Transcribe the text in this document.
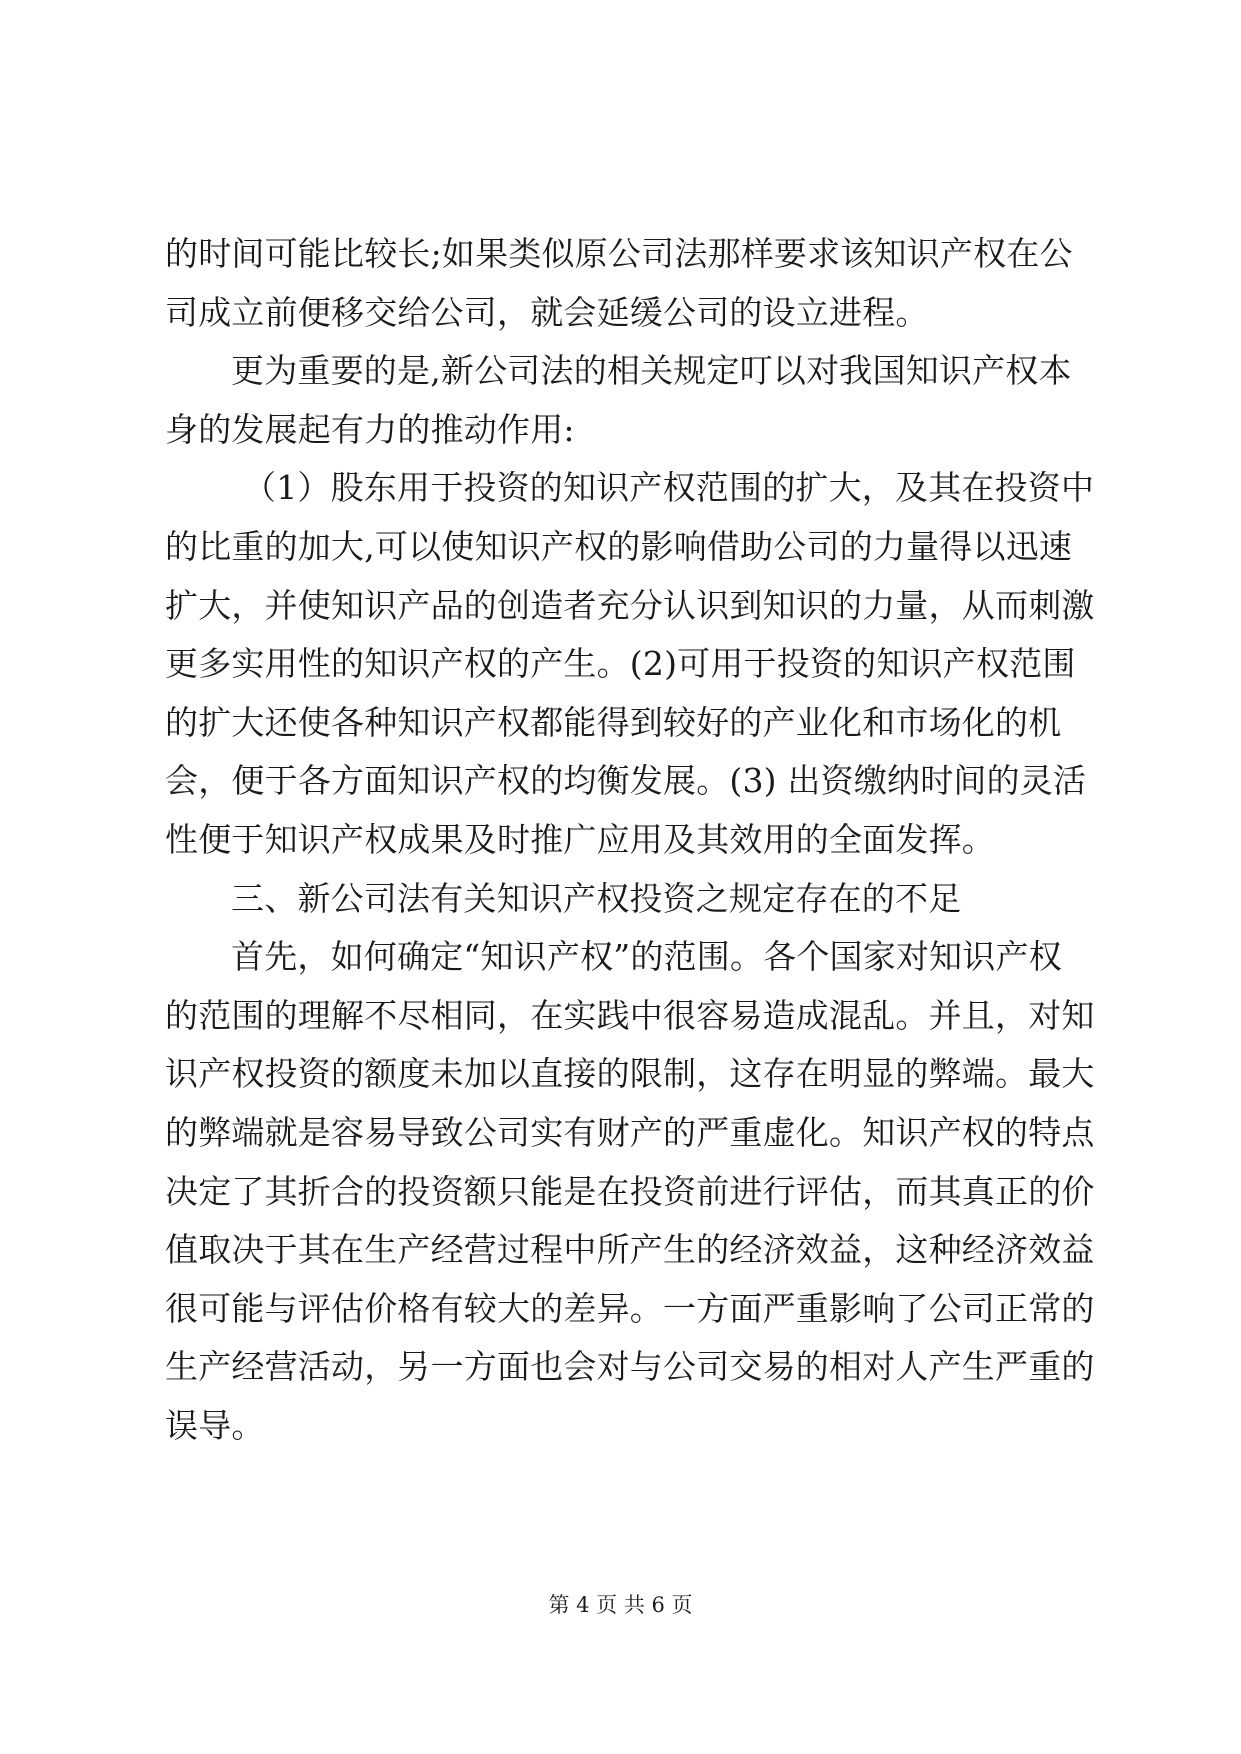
的时间可能比较长;如果类似原公司法那样要求该知识产权在公
司成立前便移交给公司，就会延缓公司的设立进程。
更为重要的是,新公司法的相关规定叮以对我国知识产权本
身的发展起有力的推动作用:
（1）股东用于投资的知识产权范围的扩大，及其在投资中
的比重的加大,可以使知识产权的影响借助公司的力量得以迅速
扩大，并使知识产品的创造者充分认识到知识的力量，从而刺激
更多实用性的知识产权的产生。(2)可用于投资的知识产权范围
的扩大还使各种知识产权都能得到较好的产业化和市场化的机
会，便于各方面知识产权的均衡发展。(3) 出资缴纳时间的灵活
性便于知识产权成果及时推广应用及其效用的全面发挥。
三、新公司法有关知识产权投资之规定存在的不足
首先，如何确定“知识产权”的范围。各个国家对知识产权
的范围的理解不尽相同，在实践中很容易造成混乱。并且，对知
识产权投资的额度未加以直接的限制，这存在明显的弊端。最大
的弊端就是容易导致公司实有财产的严重虚化。知识产权的特点
决定了其折合的投资额只能是在投资前进行评估，而其真正的价
值取决于其在生产经营过程中所产生的经济效益，这种经济效益
很可能与评估价格有较大的差异。一方面严重影响了公司正常的
生产经营活动，另一方面也会对与公司交易的相对人产生严重的
误导。
第 4 页 共 6 页
